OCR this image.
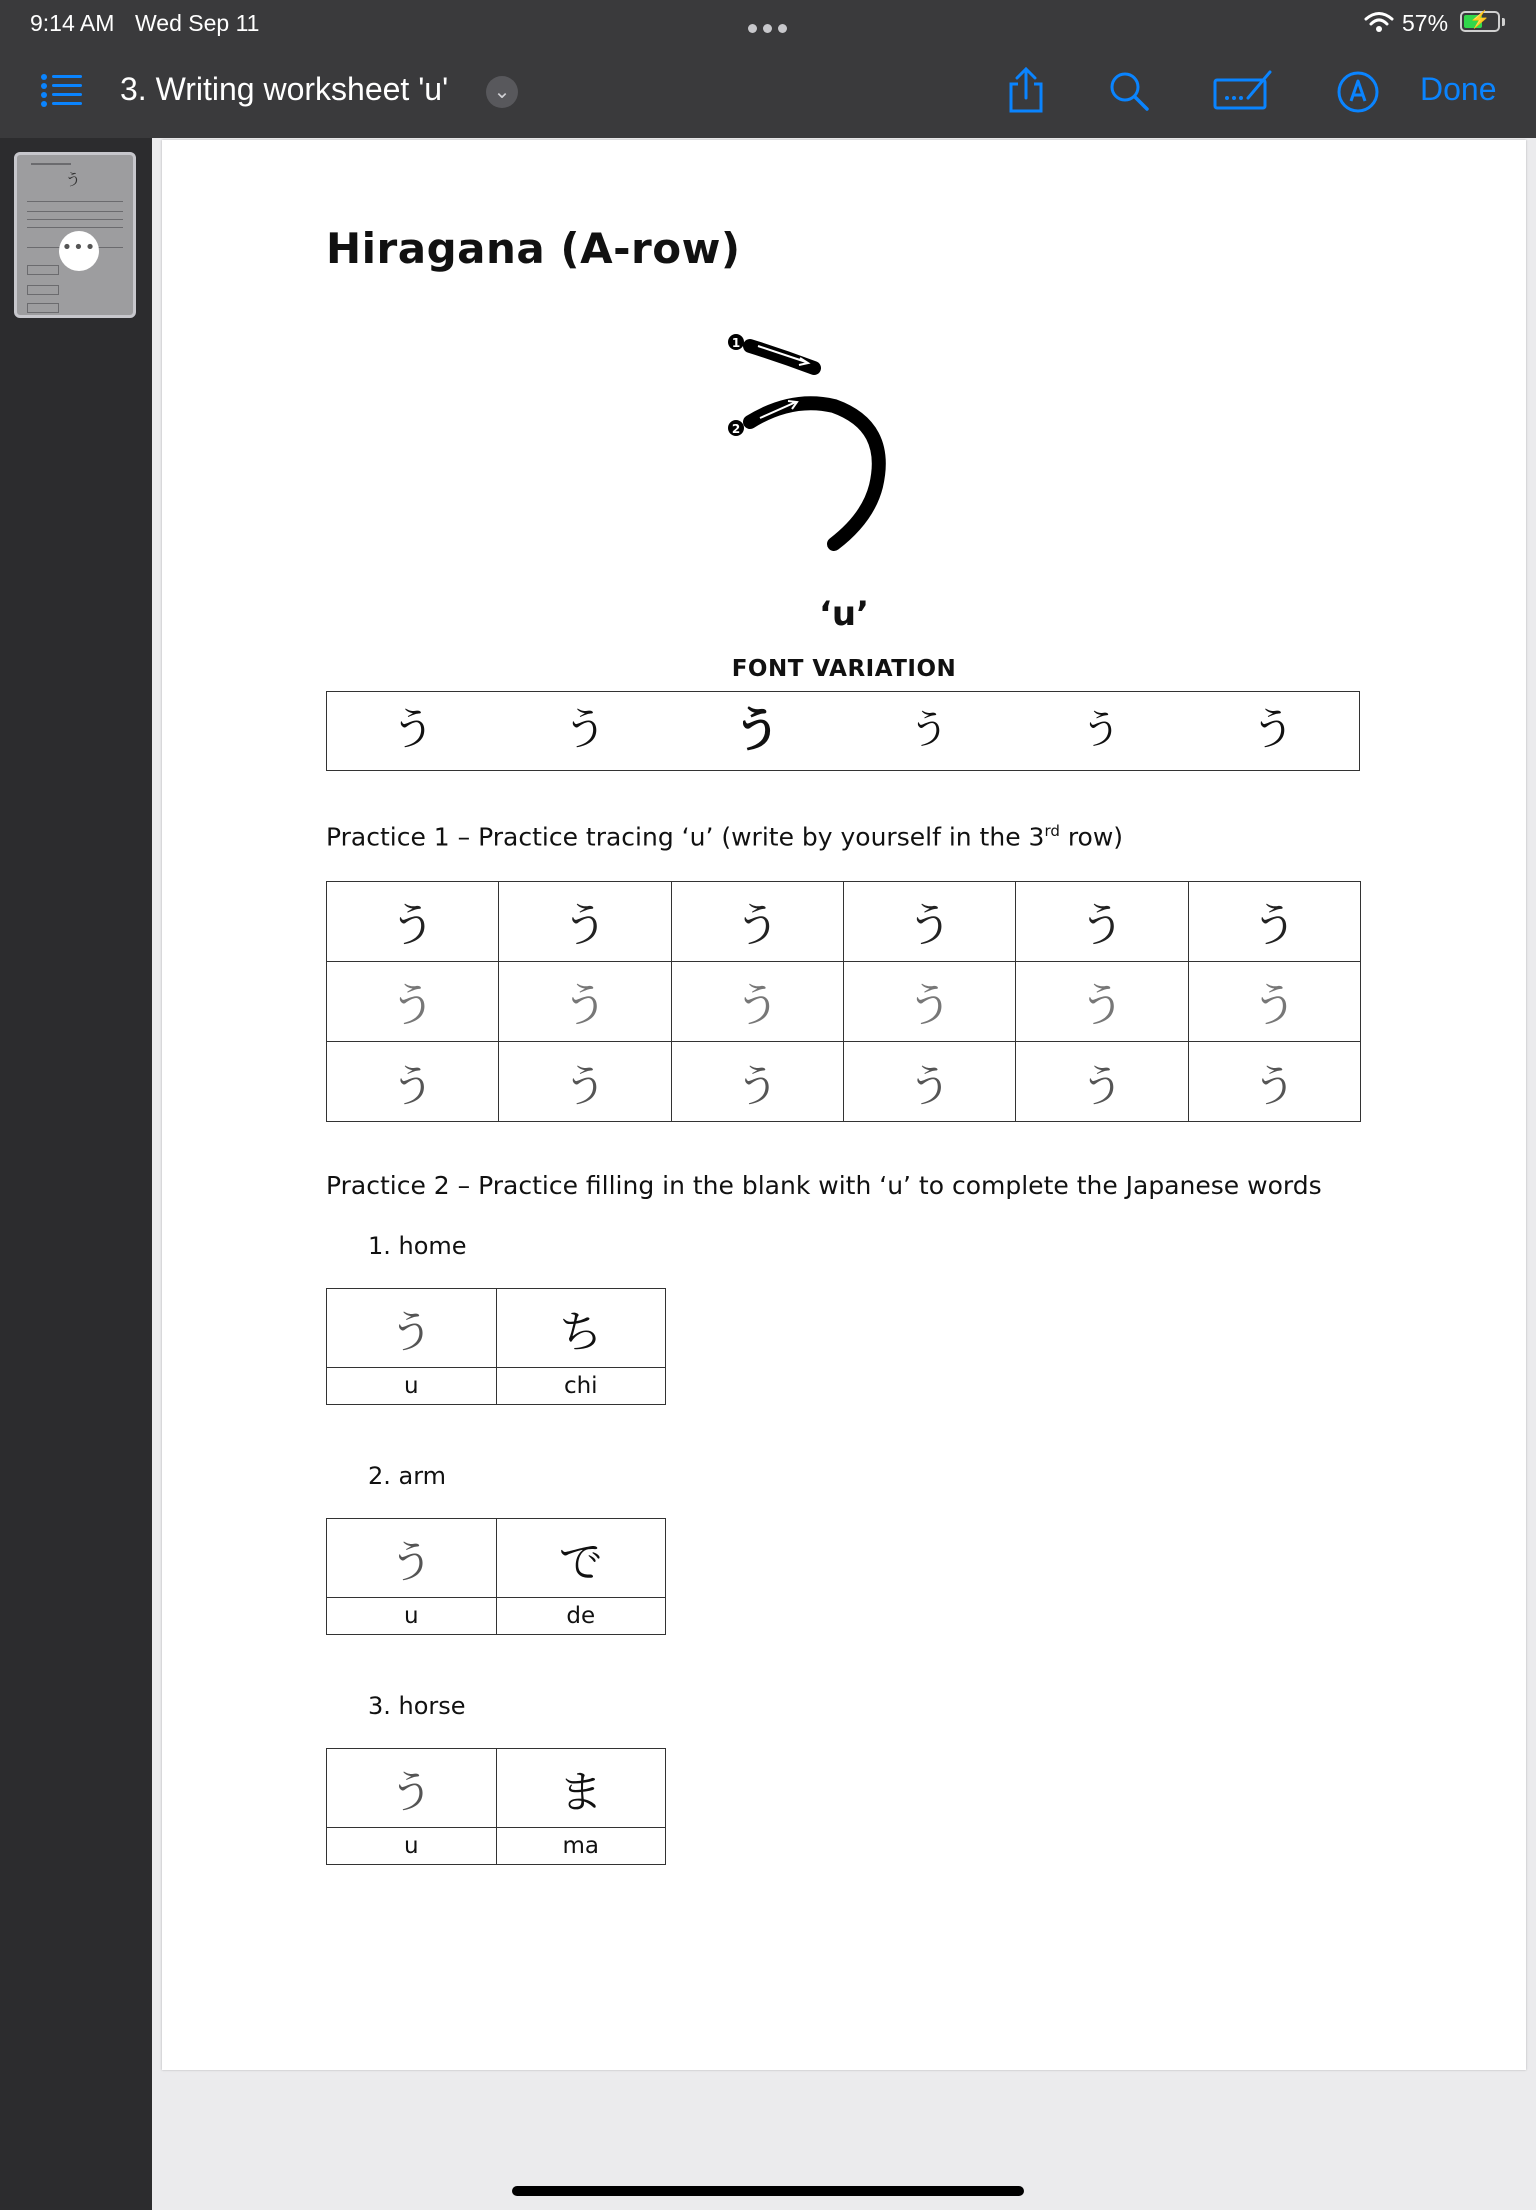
9:14 AM Wed Sep 11	57%	⚡
3. Writing worksheet 'u'	⌄	Done
う
•••	Hiragana (A-row)
1
2
‘u’
FONT VARIATION
う	う	う	う	う	う
Practice 1 – Practice tracing ‘u’ (write by yourself in the 3rd row)
う	う	う	う	う	う
う	う	う	う	う	う
う	う	う	う	う	う
Practice 2 – Practice filling in the blank with ‘u’ to complete the Japanese words
1. home
う	ち
u	chi
2. arm
う	で
u	de
3. horse
う	ま
u	ma
